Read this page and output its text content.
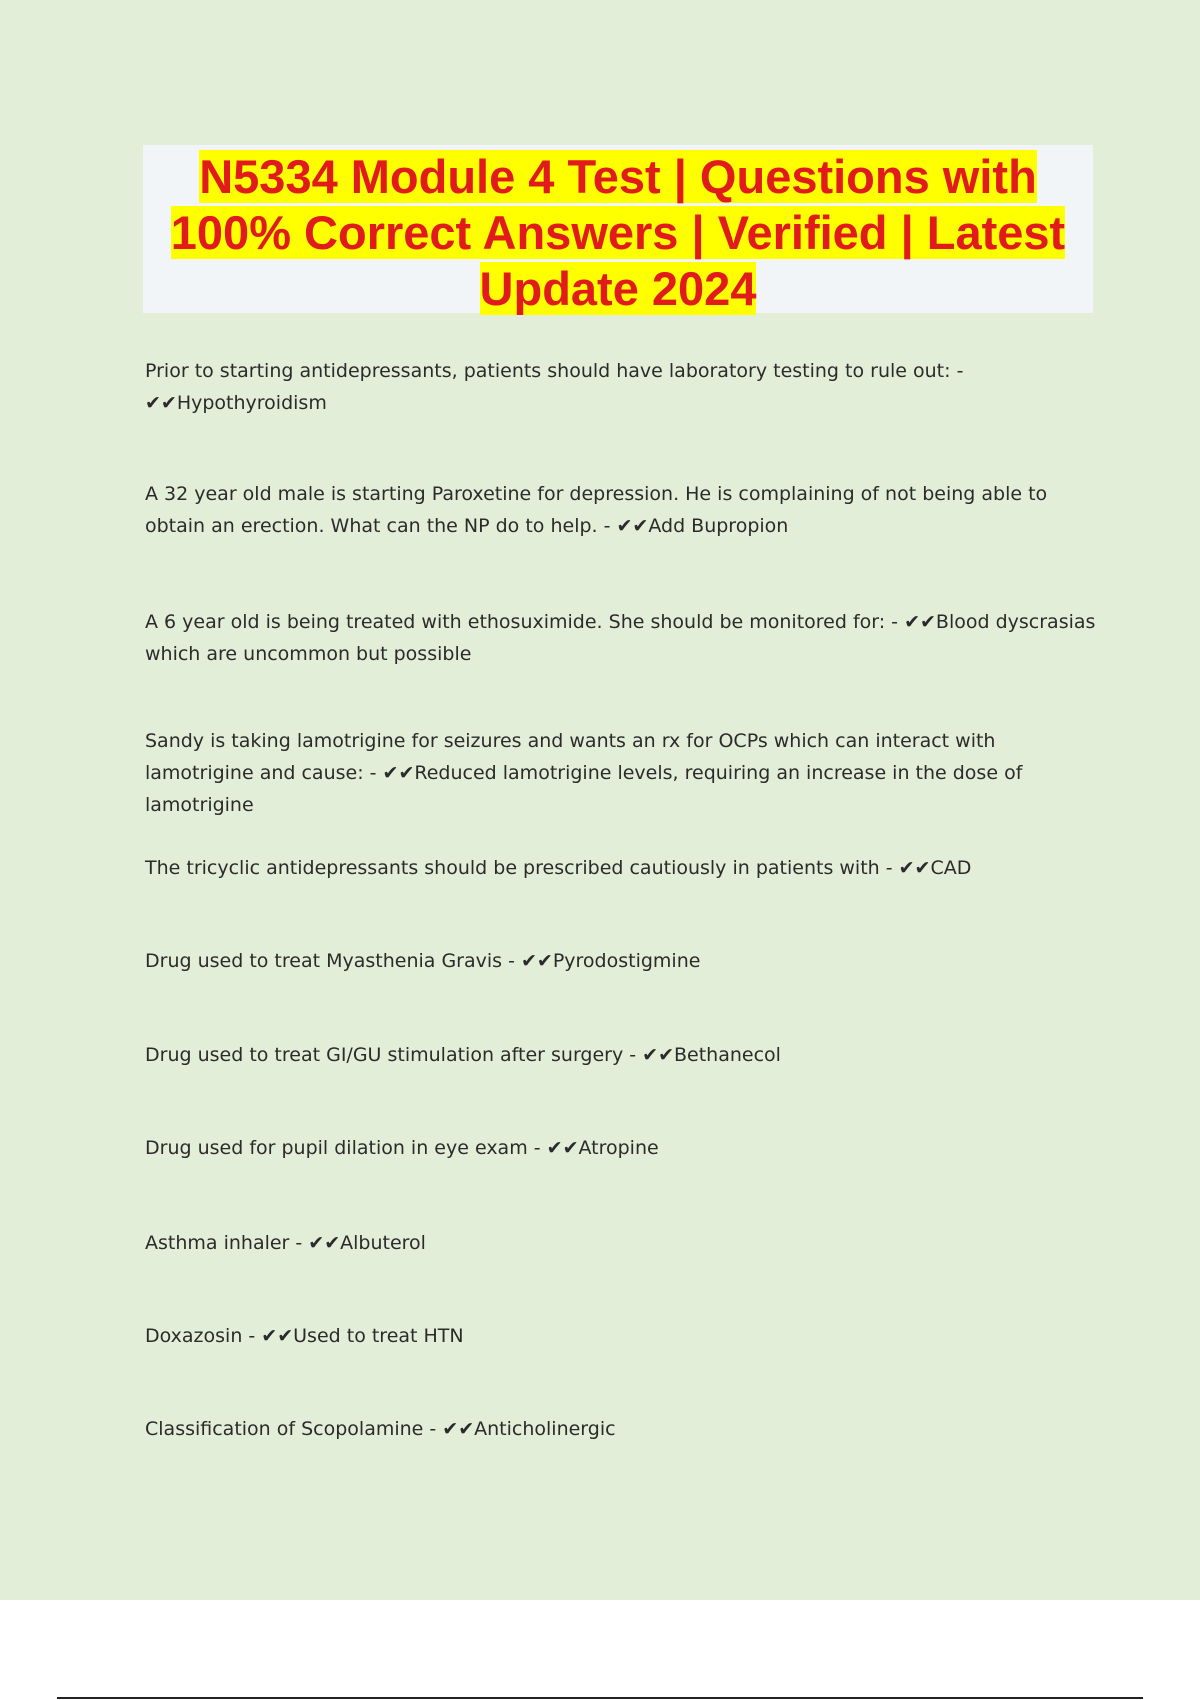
N5334 Module 4 Test | Questions with
100% Correct Answers | Verified | Latest
Update 2024

Prior to starting antidepressants, patients should have laboratory testing to rule out: - ✔✔Hypothyroidism

A 32 year old male is starting Paroxetine for depression. He is complaining of not being able to obtain an erection. What can the NP do to help. - ✔✔Add Bupropion

A 6 year old is being treated with ethosuximide. She should be monitored for: - ✔✔Blood dyscrasias which are uncommon but possible

Sandy is taking lamotrigine for seizures and wants an rx for OCPs which can interact with lamotrigine and cause: - ✔✔Reduced lamotrigine levels, requiring an increase in the dose of lamotrigine

The tricyclic antidepressants should be prescribed cautiously in patients with - ✔✔CAD

Drug used to treat Myasthenia Gravis - ✔✔Pyrodostigmine

Drug used to treat GI/GU stimulation after surgery - ✔✔Bethanecol

Drug used for pupil dilation in eye exam - ✔✔Atropine

Asthma inhaler - ✔✔Albuterol

Doxazosin - ✔✔Used to treat HTN

Classification of Scopolamine - ✔✔Anticholinergic
